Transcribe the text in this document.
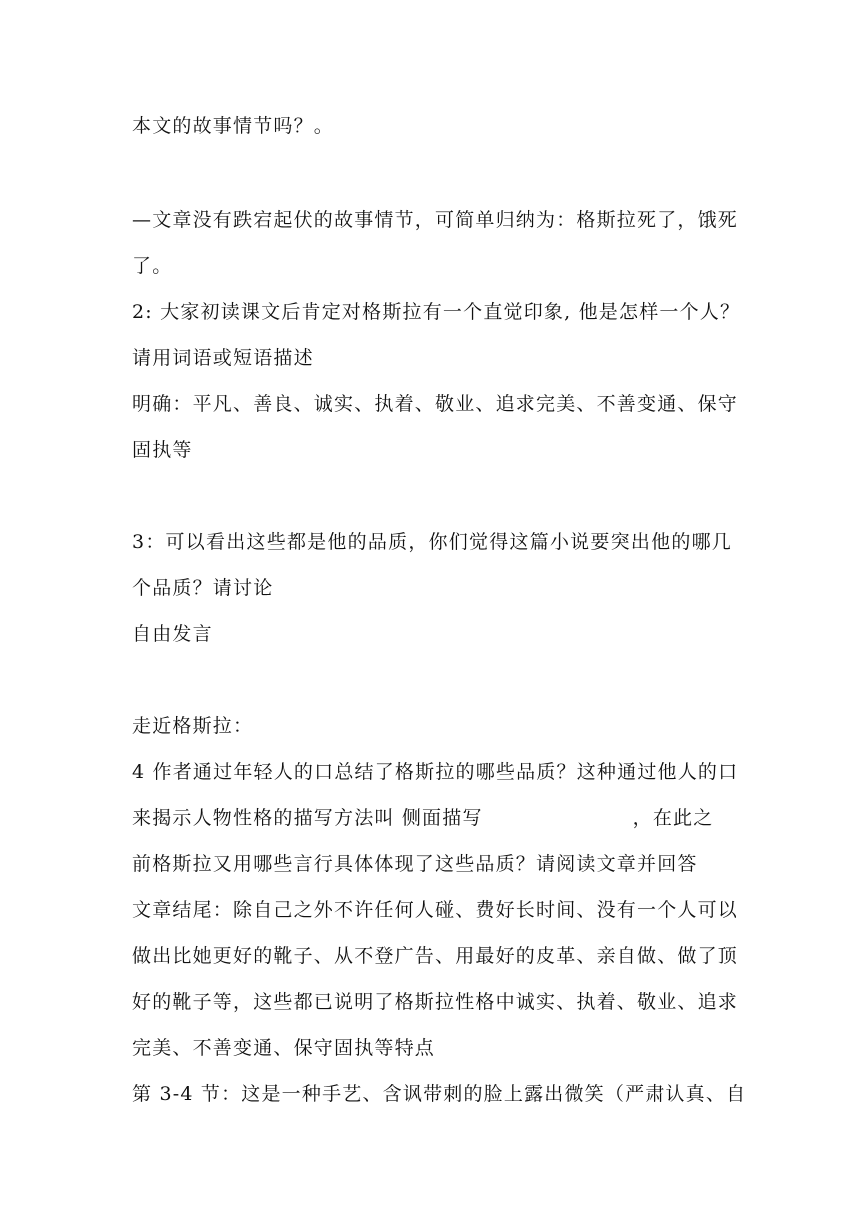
本文的故事情节吗？。
—文章没有跌宕起伏的故事情节，可简单归纳为：格斯拉死了，饿死
了。
2: 大家初读课文后肯定对格斯拉有一个直觉印象, 他是怎样一个人？
请用词语或短语描述
明确：平凡、善良、诚实、执着、敬业、追求完美、不善变通、保守
固执等
3：可以看出这些都是他的品质，你们觉得这篇小说要突出他的哪几
个品质？请讨论
自由发言
走近格斯拉：
4 作者通过年轻人的口总结了格斯拉的哪些品质？这种通过他人的口
来揭示人物性格的描写方法叫 侧面描写	，在此之
前格斯拉又用哪些言行具体体现了这些品质？请阅读文章并回答
文章结尾：除自己之外不许任何人碰、费好长时间、没有一个人可以
做出比她更好的靴子、从不登广告、用最好的皮革、亲自做、做了顶
好的靴子等，这些都已说明了格斯拉性格中诚实、执着、敬业、追求
完美、不善变通、保守固执等特点
第 3-4 节：这是一种手艺、含讽带刺的脸上露出微笑（严肃认真、自
